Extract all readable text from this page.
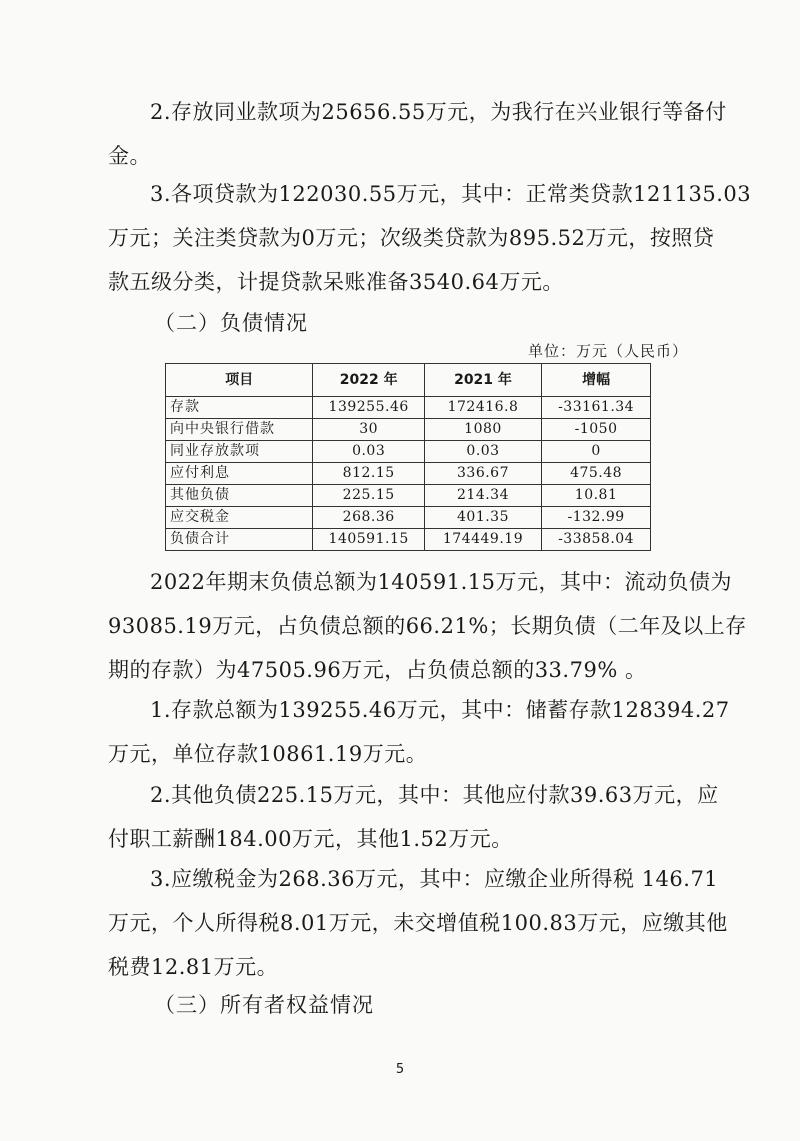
2.存放同业款项为25656.55万元，为我行在兴业银行等备付
金。

3.各项贷款为122030.55万元，其中：正常类贷款121135.03
万元；关注类贷款为0万元；次级类贷款为895.52万元，按照贷
款五级分类，计提贷款呆账准备3540.64万元。

（二）负债情况

单位：万元（人民币）

项目	2022 年	2021 年	增幅
存款	139255.46	172416.8	-33161.34
向中央银行借款	30	1080	-1050
同业存放款项	0.03	0.03	0
应付利息	812.15	336.67	475.48
其他负债	225.15	214.34	10.81
应交税金	268.36	401.35	-132.99
负债合计	140591.15	174449.19	-33858.04

2022年期末负债总额为140591.15万元，其中：流动负债为
93085.19万元，占负债总额的66.21%；长期负债（二年及以上存
期的存款）为47505.96万元，占负债总额的33.79% 。

1.存款总额为139255.46万元，其中：储蓄存款128394.27
万元，单位存款10861.19万元。

2.其他负债225.15万元，其中：其他应付款39.63万元，应
付职工薪酬184.00万元，其他1.52万元。

3.应缴税金为268.36万元，其中：应缴企业所得税 146.71
万元，个人所得税8.01万元，未交增值税100.83万元，应缴其他
税费12.81万元。

（三）所有者权益情况

5
